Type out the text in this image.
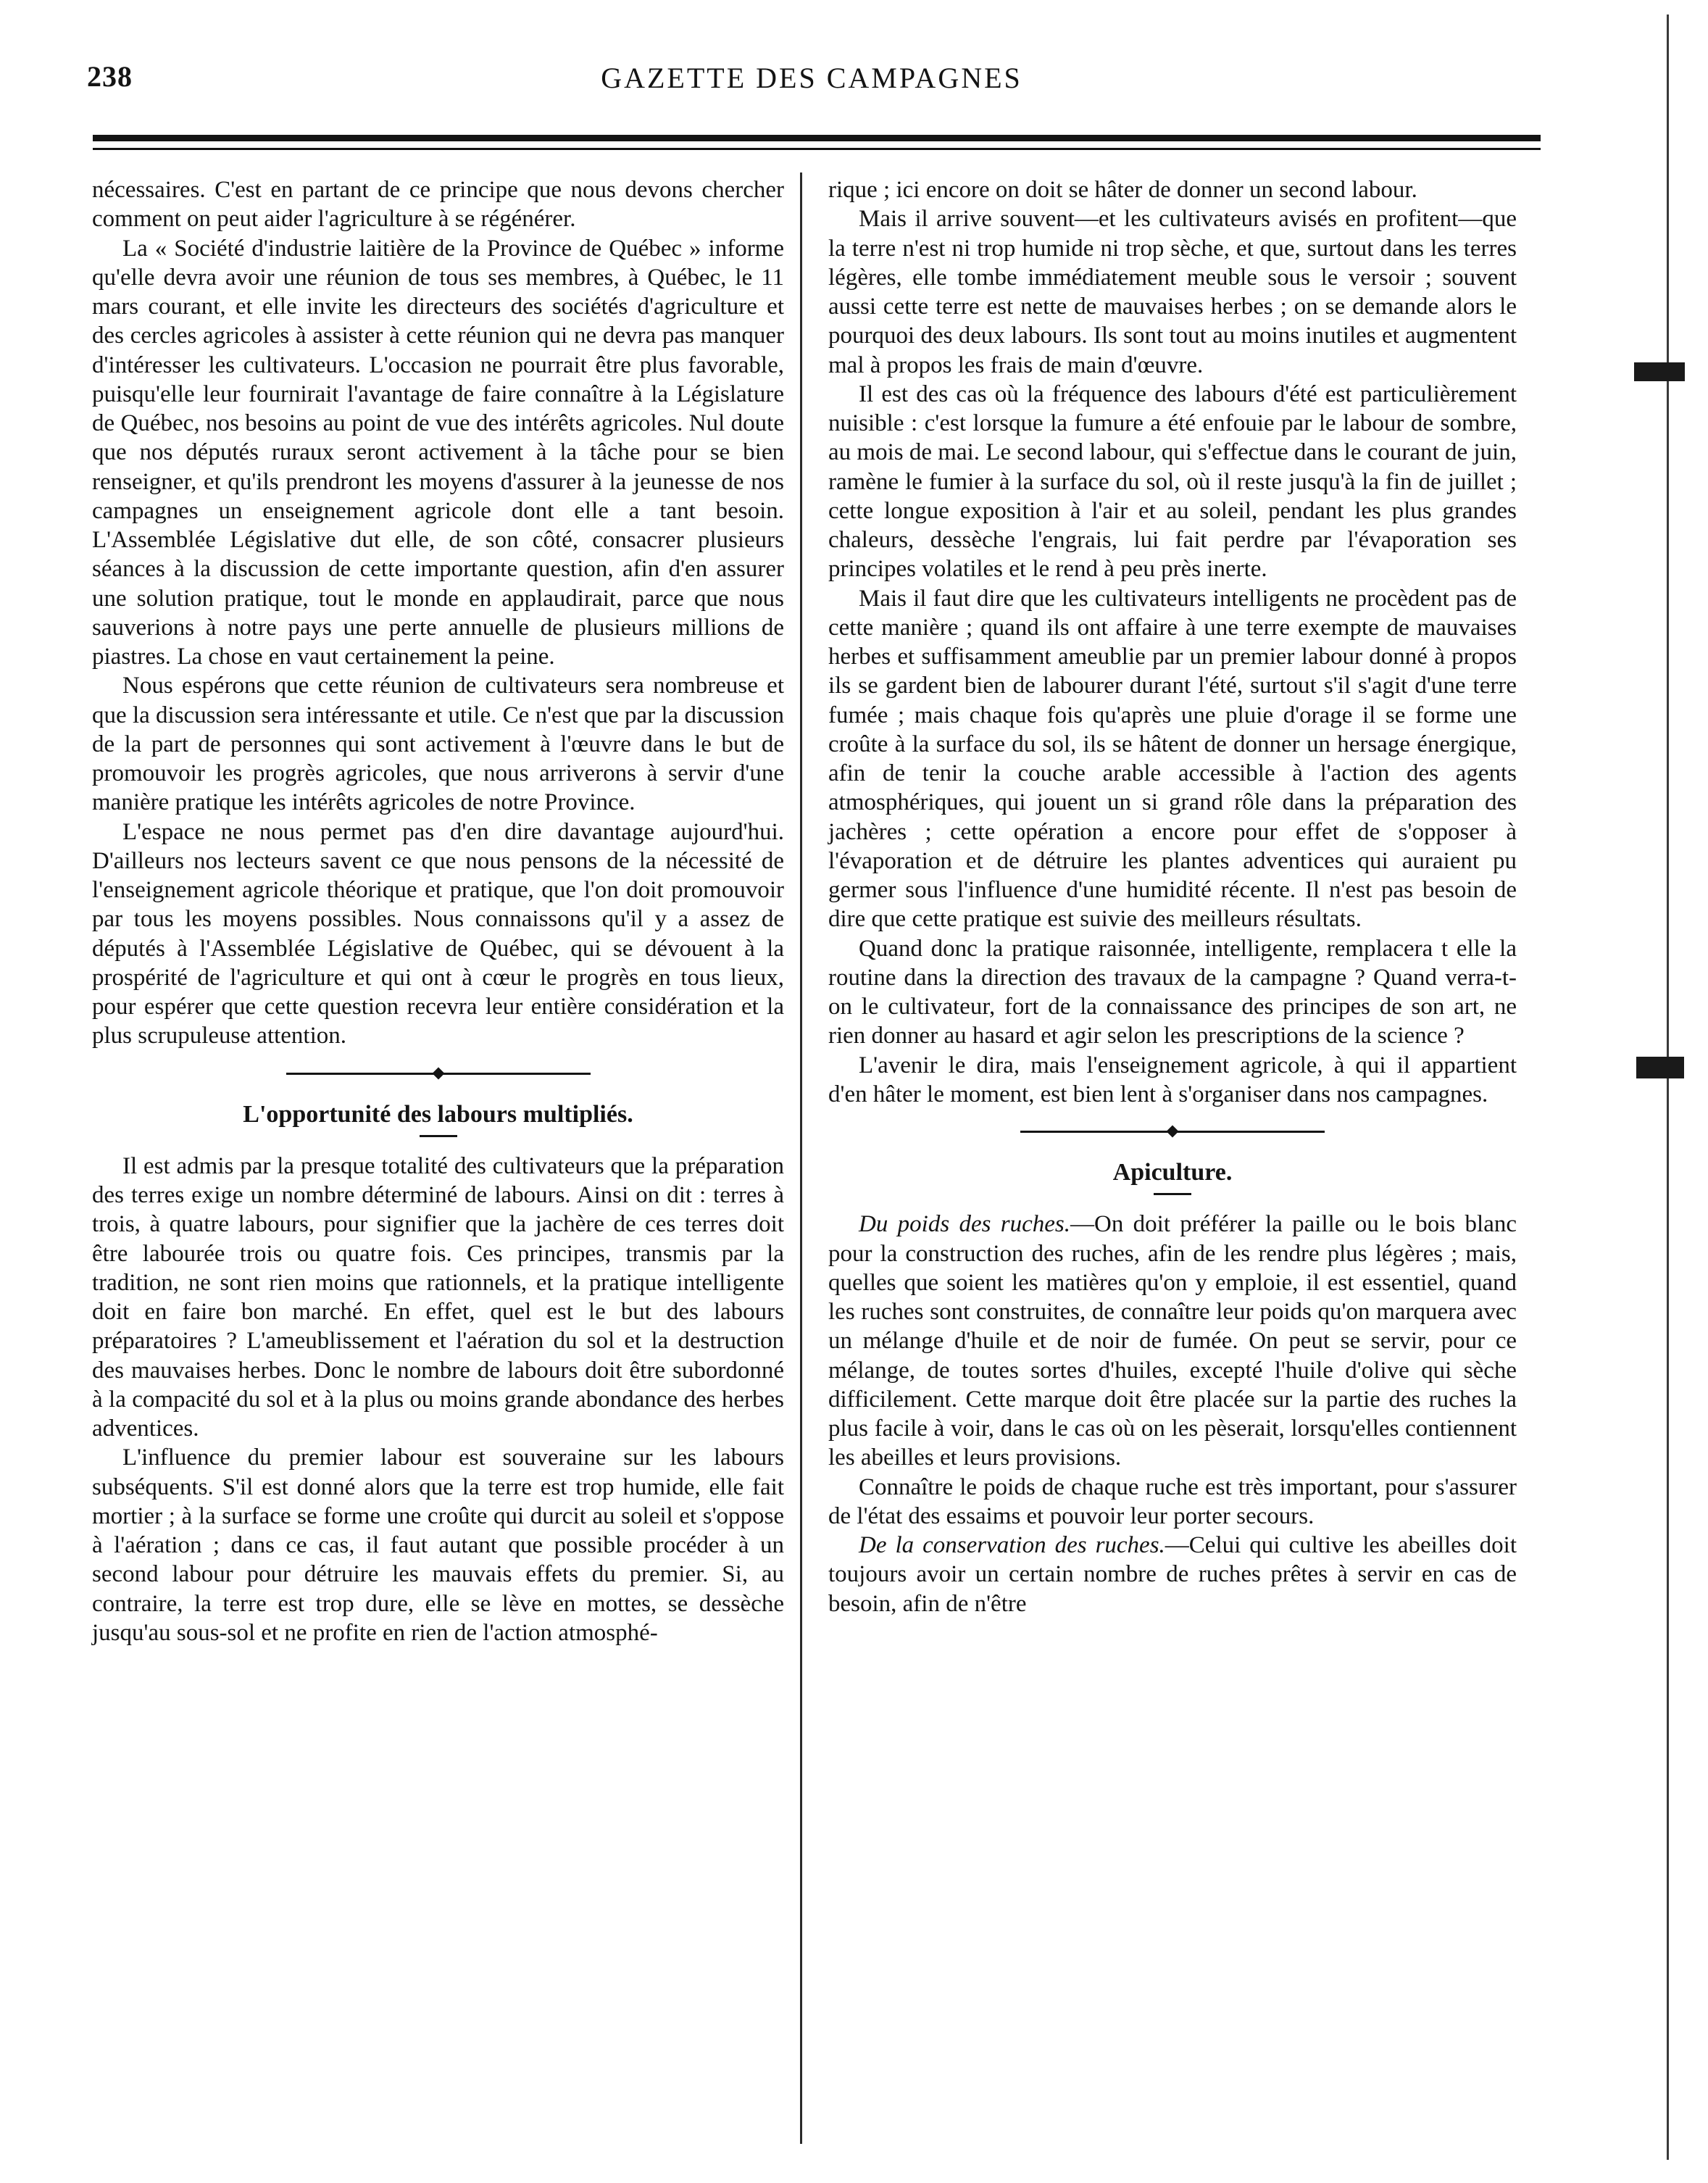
238	GAZETTE DES CAMPAGNES

nécessaires. C'est en partant de ce principe que nous devons chercher comment on peut aider l'agriculture à se régénérer.

La « Société d'industrie laitière de la Province de Québec » informe qu'elle devra avoir une réunion de tous ses membres, à Québec, le 11 mars courant, et elle invite les directeurs des sociétés d'agriculture et des cercles agricoles à assister à cette réunion qui ne devra pas manquer d'intéresser les cultivateurs. L'occasion ne pourrait être plus favorable, puisqu'elle leur fournirait l'avantage de faire connaître à la Législature de Québec, nos besoins au point de vue des intérêts agricoles. Nul doute que nos députés ruraux seront activement à la tâche pour se bien renseigner, et qu'ils prendront les moyens d'assurer à la jeunesse de nos campagnes un enseignement agricole dont elle a tant besoin. L'Assemblée Législative dut elle, de son côté, consacrer plusieurs séances à la discussion de cette importante question, afin d'en assurer une solution pratique, tout le monde en applaudirait, parce que nous sauverions à notre pays une perte annuelle de plusieurs millions de piastres. La chose en vaut certainement la peine.

Nous espérons que cette réunion de cultivateurs sera nombreuse et que la discussion sera intéressante et utile. Ce n'est que par la discussion de la part de personnes qui sont activement à l'œuvre dans le but de promouvoir les progrès agricoles, que nous arriverons à servir d'une manière pratique les intérêts agricoles de notre Province.

L'espace ne nous permet pas d'en dire davantage aujourd'hui. D'ailleurs nos lecteurs savent ce que nous pensons de la nécessité de l'enseignement agricole théorique et pratique, que l'on doit promouvoir par tous les moyens possibles. Nous connaissons qu'il y a assez de députés à l'Assemblée Législative de Québec, qui se dévouent à la prospérité de l'agriculture et qui ont à cœur le progrès en tous lieux, pour espérer que cette question recevra leur entière considération et la plus scrupuleuse attention.

L'opportunité des labours multipliés.

Il est admis par la presque totalité des cultivateurs que la préparation des terres exige un nombre déterminé de labours. Ainsi on dit : terres à trois, à quatre labours, pour signifier que la jachère de ces terres doit être labourée trois ou quatre fois. Ces principes, transmis par la tradition, ne sont rien moins que rationnels, et la pratique intelligente doit en faire bon marché. En effet, quel est le but des labours préparatoires ? L'ameublissement et l'aération du sol et la destruction des mauvaises herbes. Donc le nombre de labours doit être subordonné à la compacité du sol et à la plus ou moins grande abondance des herbes adventices.

L'influence du premier labour est souveraine sur les labours subséquents. S'il est donné alors que la terre est trop humide, elle fait mortier ; à la surface se forme une croûte qui durcit au soleil et s'oppose à l'aération ; dans ce cas, il faut autant que possible procéder à un second labour pour détruire les mauvais effets du premier. Si, au contraire, la terre est trop dure, elle se lève en mottes, se dessèche jusqu'au sous-sol et ne profite en rien de l'action atmosphé-

rique ; ici encore on doit se hâter de donner un second labour.

Mais il arrive souvent—et les cultivateurs avisés en profitent—que la terre n'est ni trop humide ni trop sèche, et que, surtout dans les terres légères, elle tombe immédiatement meuble sous le versoir ; souvent aussi cette terre est nette de mauvaises herbes ; on se demande alors le pourquoi des deux labours. Ils sont tout au moins inutiles et augmentent mal à propos les frais de main d'œuvre.

Il est des cas où la fréquence des labours d'été est particulièrement nuisible : c'est lorsque la fumure a été enfouie par le labour de sombre, au mois de mai. Le second labour, qui s'effectue dans le courant de juin, ramène le fumier à la surface du sol, où il reste jusqu'à la fin de juillet ; cette longue exposition à l'air et au soleil, pendant les plus grandes chaleurs, dessèche l'engrais, lui fait perdre par l'évaporation ses principes volatiles et le rend à peu près inerte.

Mais il faut dire que les cultivateurs intelligents ne procèdent pas de cette manière ; quand ils ont affaire à une terre exempte de mauvaises herbes et suffisamment ameublie par un premier labour donné à propos ils se gardent bien de labourer durant l'été, surtout s'il s'agit d'une terre fumée ; mais chaque fois qu'après une pluie d'orage il se forme une croûte à la surface du sol, ils se hâtent de donner un hersage énergique, afin de tenir la couche arable accessible à l'action des agents atmosphériques, qui jouent un si grand rôle dans la préparation des jachères ; cette opération a encore pour effet de s'opposer à l'évaporation et de détruire les plantes adventices qui auraient pu germer sous l'influence d'une humidité récente. Il n'est pas besoin de dire que cette pratique est suivie des meilleurs résultats.

Quand donc la pratique raisonnée, intelligente, remplacera t elle la routine dans la direction des travaux de la campagne ? Quand verra-t-on le cultivateur, fort de la connaissance des principes de son art, ne rien donner au hasard et agir selon les prescriptions de la science ?

L'avenir le dira, mais l'enseignement agricole, à qui il appartient d'en hâter le moment, est bien lent à s'organiser dans nos campagnes.

Apiculture.

Du poids des ruches.—On doit préférer la paille ou le bois blanc pour la construction des ruches, afin de les rendre plus légères ; mais, quelles que soient les matières qu'on y emploie, il est essentiel, quand les ruches sont construites, de connaître leur poids qu'on marquera avec un mélange d'huile et de noir de fumée. On peut se servir, pour ce mélange, de toutes sortes d'huiles, excepté l'huile d'olive qui sèche difficilement. Cette marque doit être placée sur la partie des ruches la plus facile à voir, dans le cas où on les pèserait, lorsqu'elles contiennent les abeilles et leurs provisions.

Connaître le poids de chaque ruche est très important, pour s'assurer de l'état des essaims et pouvoir leur porter secours.

De la conservation des ruches.—Celui qui cultive les abeilles doit toujours avoir un certain nombre de ruches prêtes à servir en cas de besoin, afin de n'être
